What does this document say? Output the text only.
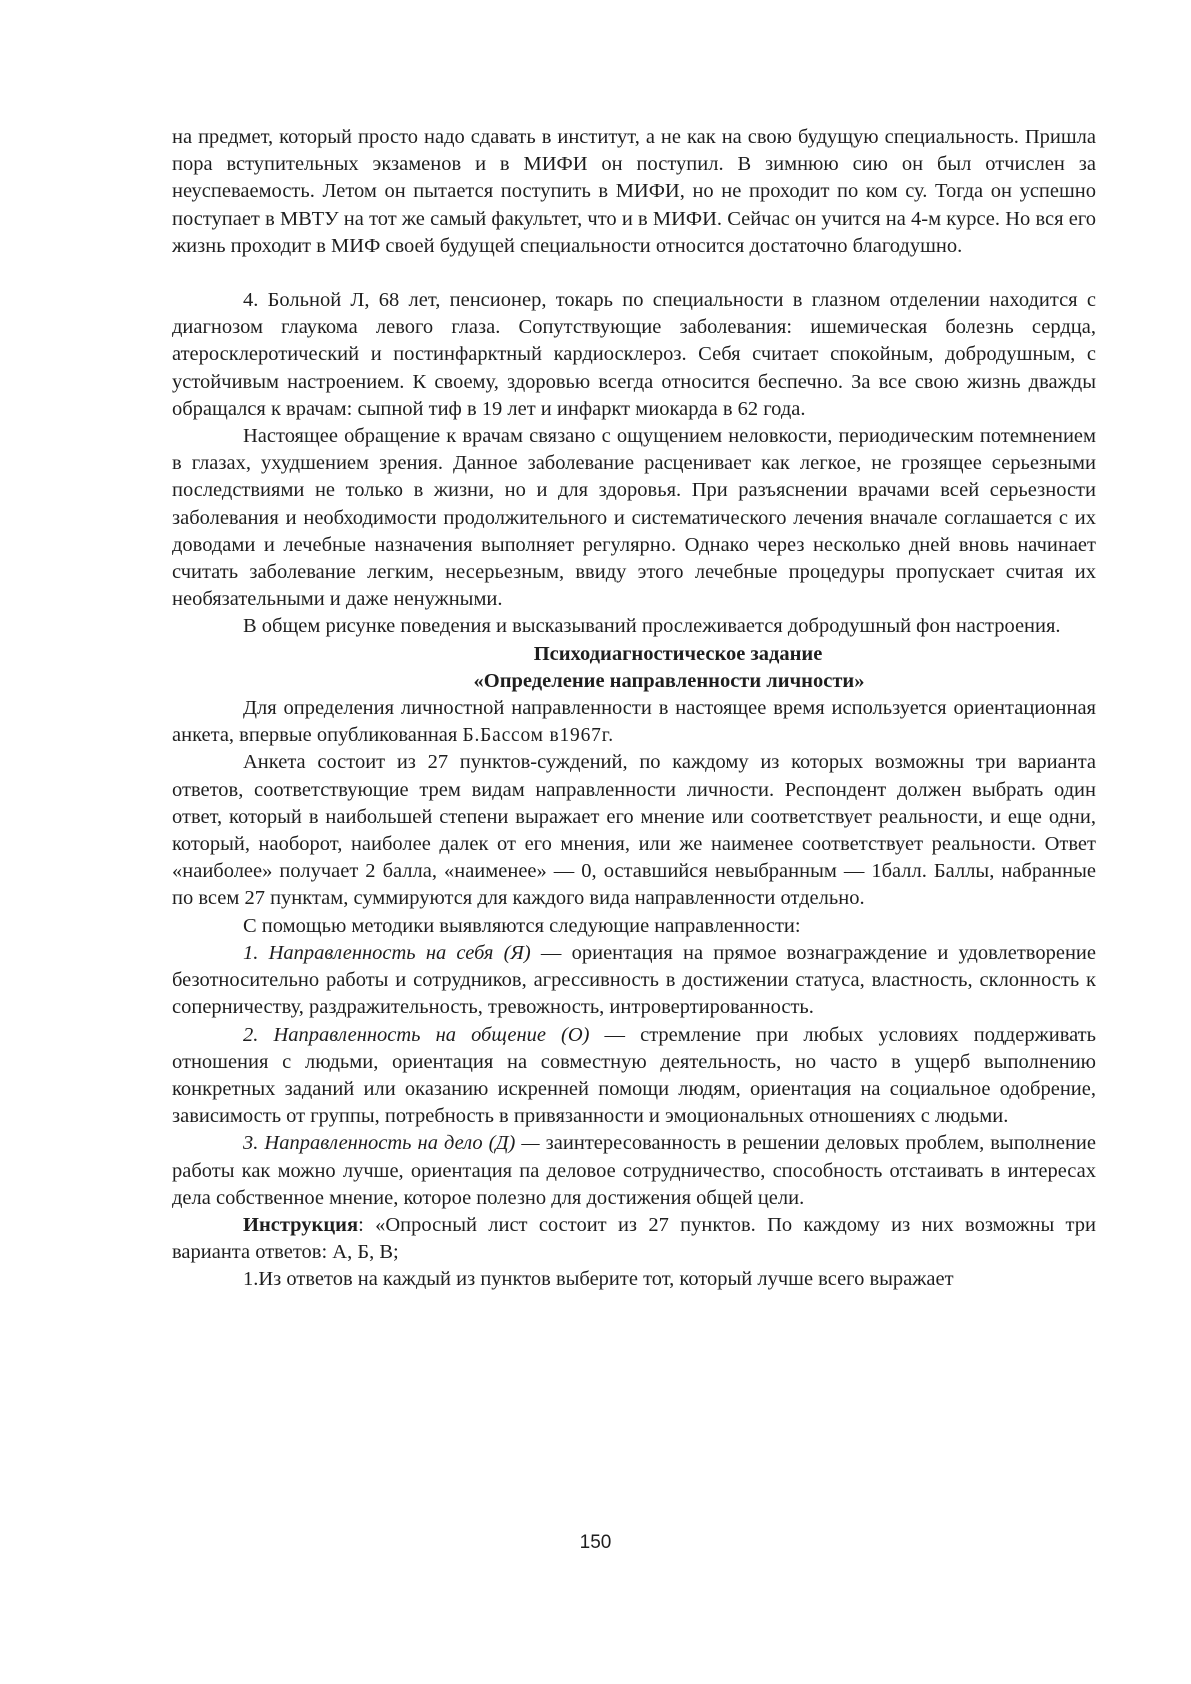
на предмет, который просто надо сдавать в институт, а не как на свою будущую специальность. Пришла пора вступительных экзаменов и в МИФИ он поступил. В зимнюю сию он был отчислен за неуспеваемость. Летом он пытается поступить в МИФИ, но не проходит по ком су. Тогда он успешно поступает в МВТУ на тот же самый факультет, что и в МИФИ. Сейчас он учится на 4-м курсе. Но вся его жизнь проходит в МИФ своей будущей специальности относится достаточно благодушно.

4. Больной Л, 68 лет, пенсионер, токарь по специальности в глазном отделении находится с диагнозом глаукома левого глаза. Сопутствующие заболевания: ишемическая болезнь сердца, атеросклеротический и постинфарктный кардиосклероз. Себя считает спокойным, добродушным, с устойчивым настроением. К своему, здоровью всегда относится беспечно. За все свою жизнь дважды обращался к врачам: сыпной тиф в 19 лет и инфаркт миокарда в 62 года.

Настоящее обращение к врачам связано с ощущением неловкости, периодическим потемнением в глазах, ухудшением зрения. Данное заболевание расценивает как легкое, не грозящее серьезными последствиями не только в жизни, но и для здоровья. При разъяснении врачами всей серьезности заболевания и необходимости продолжительного и систематического лечения вначале соглашается с их доводами и лечебные назначения выполняет регулярно. Однако через несколько дней вновь начинает считать заболевание легким, несерьезным, ввиду этого лечебные процедуры пропускает считая их необязательными и даже ненужными.

В общем рисунке поведения и высказываний прослеживается добродушный фон настроения.

Психодиагностическое задание

«Определение направленности личности»

Для определения личностной направленности в настоящее время используется ориентационная анкета, впервые опубликованная Б.Бассом в1967г.

Анкета состоит из 27 пунктов-суждений, по каждому из которых возможны три варианта ответов, соответствующие трем видам направленности личности. Респондент должен выбрать один ответ, который в наибольшей степени выражает его мнение или соответствует реальности, и еще одни, который, наоборот, наиболее далек от его мнения, или же наименее соответствует реальности. Ответ «наиболее» получает 2 балла, «наименее» — 0, оставшийся невыбранным — 1балл. Баллы, набранные по всем 27 пунктам, суммируются для каждого вида направленности отдельно.

С помощью методики выявляются следующие направленности:

1. Направленность на себя (Я) — ориентация на прямое вознаграждение и удовлетворение безотносительно работы и сотрудников, агрессивность в достижении статуса, властность, склонность к соперничеству, раздражительность, тревожность, интровертированность.

2. Направленность на общение (О) — стремление при любых условиях поддерживать отношения с людьми, ориентация на совместную деятельность, но часто в ущерб выполнению конкретных заданий или оказанию искренней помощи людям, ориентация на социальное одобрение, зависимость от группы, потребность в привязанности и эмоциональных отношениях с людьми.

3. Направленность на дело (Д) — заинтересованность в решении деловых проблем, выполнение работы как можно лучше, ориентация па деловое сотрудничество, способность отстаивать в интересах дела собственное мнение, которое полезно для достижения общей цели.

Инструкция: «Опросный лист состоит из 27 пунктов. По каждому из них возможны три варианта ответов: А, Б, В;

1.Из ответов на каждый из пунктов выберите тот, который лучше всего выражает

150
